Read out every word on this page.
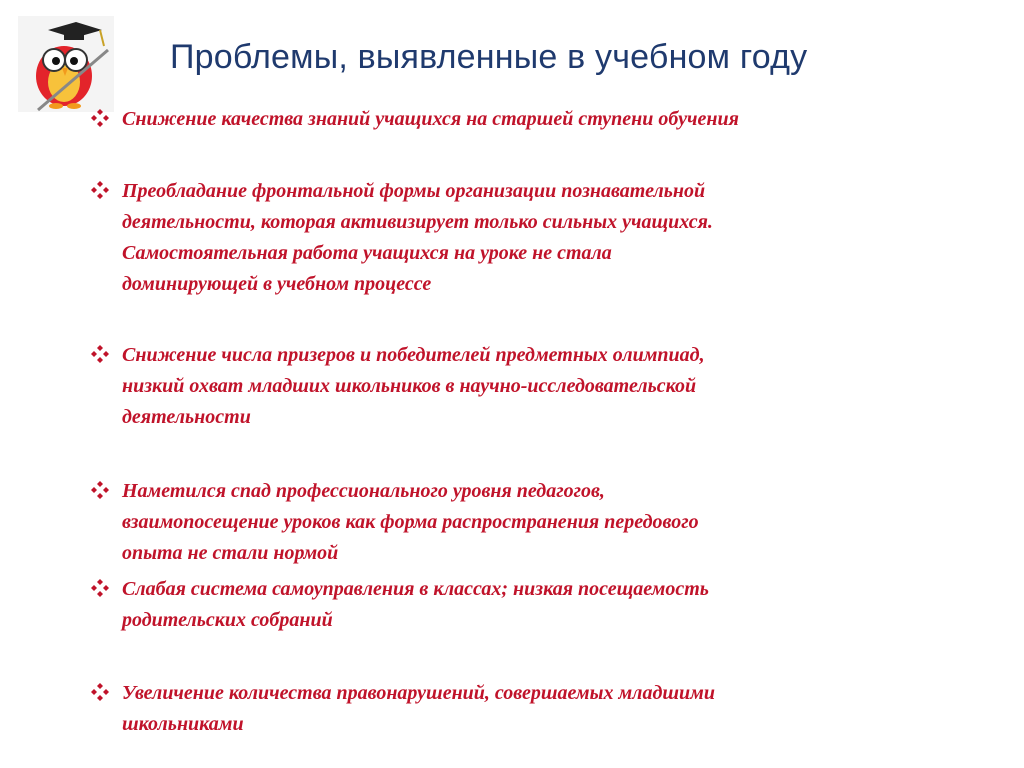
Проблемы, выявленные в учебном году
Снижение качества знаний учащихся на старшей ступени обучения
Преобладание фронтальной формы организации познавательной
деятельности, которая активизирует только сильных учащихся.
Самостоятельная работа учащихся на уроке не стала
доминирующей в учебном процессе
Снижение числа призеров и победителей предметных олимпиад,
низкий охват младших школьников в научно-исследовательской
деятельности
Наметился спад профессионального уровня педагогов,
взаимопосещение уроков как форма распространения передового
опыта не стали нормой
Слабая система самоуправления в классах; низкая посещаемость
родительских собраний
Увеличение количества правонарушений, совершаемых младшими
школьниками
